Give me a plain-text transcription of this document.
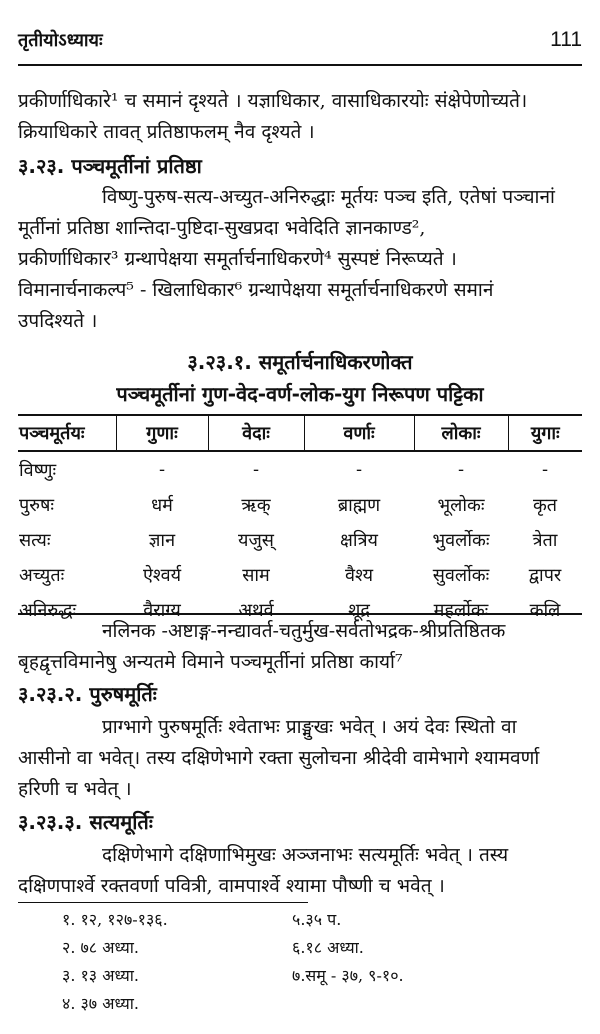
तृतीयोऽध्यायः	111
प्रकीर्णाधिकारे¹ च समानं दृश्यते । यज्ञाधिकार, वासाधिकारयोः संक्षेपेणोच्यते।
क्रियाधिकारे तावत् प्रतिष्ठाफलम् नैव दृश्यते ।
३.२३. पञ्चमूर्तीनां प्रतिष्ठा
विष्णु-पुरुष-सत्य-अच्युत-अनिरुद्धाः मूर्तयः पञ्च इति, एतेषां पञ्चानां
मूर्तीनां प्रतिष्ठा शान्तिदा-पुष्टिदा-सुखप्रदा भवेदिति ज्ञानकाण्ड²,
प्रकीर्णाधिकार³ ग्रन्थापेक्षया समूर्तार्चनाधिकरणे⁴ सुस्पष्टं निरूप्यते ।
विमानार्चनाकल्प⁵ - खिलाधिकार⁶ ग्रन्थापेक्षया समूर्तार्चनाधिकरणे समानं
उपदिश्यते ।
३.२३.१. समूर्तार्चनाधिकरणोक्त
पञ्चमूर्तीनां गुण-वेद-वर्ण-लोक-युग निरूपण पट्टिका
पञ्चमूर्तयः	गुणाः	वेदाः	वर्णाः	लोकाः	युगाः
विष्णुः	-	-	-	-	-
पुरुषः	धर्म	ऋक्	ब्राह्मण	भूलोकः	कृत
सत्यः	ज्ञान	यजुस्	क्षत्रिय	भुवर्लोकः	त्रेता
अच्युतः	ऐश्वर्य	साम	वैश्य	सुवर्लोकः	द्वापर
अनिरुद्धः	वैराग्य	अथर्व	शूद्र	महर्लोकः	कलि
नलिनक -अष्टाङ्ग-नन्द्यावर्त-चतुर्मुख-सर्वतोभद्रक-श्रीप्रतिष्ठितक
बृहद्वृत्तविमानेषु अन्यतमे विमाने पञ्चमूर्तीनां प्रतिष्ठा कार्या⁷
३.२३.२. पुरुषमूर्तिः
प्राग्भागे पुरुषमूर्तिः श्वेताभः प्राङ्मुखः भवेत् । अयं देवः स्थितो वा
आसीनो वा भवेत्। तस्य दक्षिणेभागे रक्ता सुलोचना श्रीदेवी वामेभागे श्यामवर्णा
हरिणी च भवेत् ।
३.२३.३. सत्यमूर्तिः
दक्षिणेभागे दक्षिणाभिमुखः अञ्जनाभः सत्यमूर्तिः भवेत् । तस्य
दक्षिणपार्श्वे रक्तवर्णा पवित्री, वामपार्श्वे श्यामा पौष्णी च भवेत् ।
१. १२, १२७-१३६.
२. ७८ अध्या.
३. १३ अध्या.
४. ३७ अध्या.
५.३५ प.
६.१८ अध्या.
७.समू - ३७, ९-१०.
